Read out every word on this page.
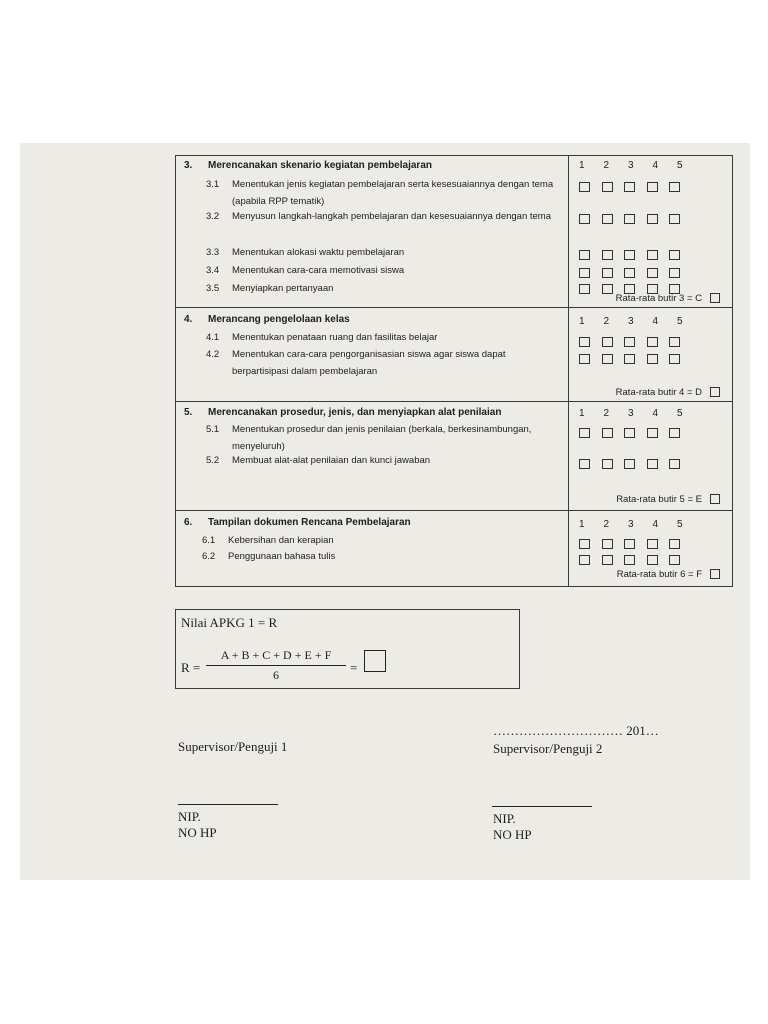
3. Merencanakan skenario kegiatan pembelajaran
3.1 Menentukan jenis kegiatan pembelajaran serta kesesuaiannya dengan tema (apabila RPP tematik)
3.2 Menyusun langkah-langkah pembelajaran dan kesesuaiannya dengan tema
3.3 Menentukan alokasi waktu pembelajaran
3.4 Menentukan cara-cara memotivasi siswa
3.5 Menyiapkan pertanyaan
1 2 3 4 5
Rata-rata butir 3 = C
4. Merancang pengelolaan kelas
4.1 Menentukan penataan ruang dan fasilitas belajar
4.2 Menentukan cara-cara pengorganisasian siswa agar siswa dapat berpartisipasi dalam pembelajaran
1 2 3 4 5
Rata-rata butir 4 = D
5. Merencanakan prosedur, jenis, dan menyiapkan alat penilaian
5.1 Menentukan prosedur dan jenis penilaian (berkala, berkesinambungan, menyeluruh)
5.2 Membuat alat-alat penilaian dan kunci jawaban
1 2 3 4 5
Rata-rata butir 5 = E
6. Tampilan dokumen Rencana Pembelajaran
6.1 Kebersihan dan kerapian
6.2 Penggunaan bahasa tulis
1 2 3 4 5
Rata-rata butir 6 = F
Nilai APKG 1 = R
R =
A + B + C + D + E + F
6	=
………………………… 201…
Supervisor/Penguji 1	Supervisor/Penguji 2
NIP.	NIP.
NO HP	NO HP
